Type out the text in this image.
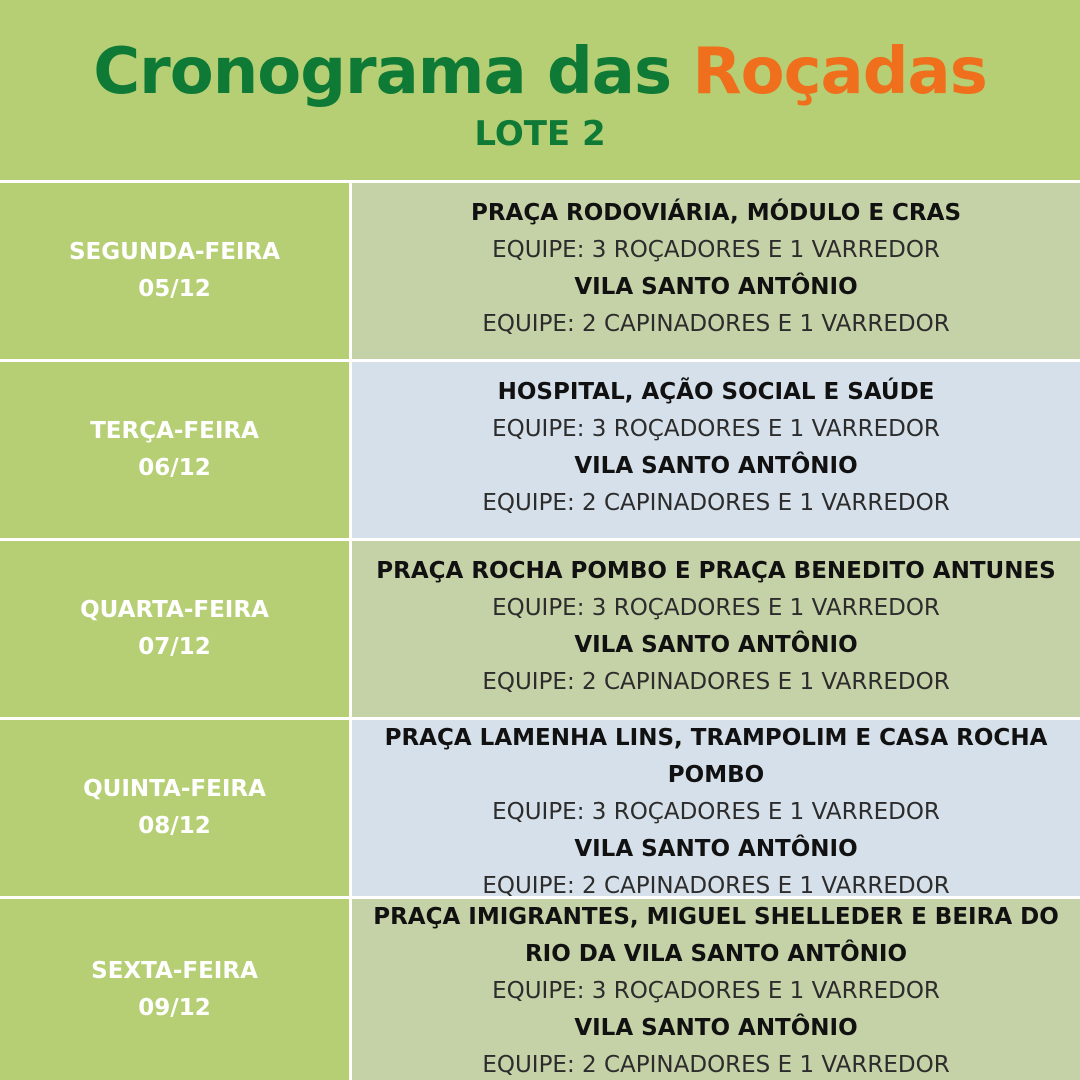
Cronograma das Roçadas
LOTE 2
SEGUNDA-FEIRA
05/12
PRAÇA RODOVIÁRIA, MÓDULO E CRAS
EQUIPE: 3 ROÇADORES E 1 VARREDOR
VILA SANTO ANTÔNIO
EQUIPE: 2 CAPINADORES E 1 VARREDOR
TERÇA-FEIRA
06/12
HOSPITAL, AÇÃO SOCIAL E SAÚDE
EQUIPE: 3 ROÇADORES E 1 VARREDOR
VILA SANTO ANTÔNIO
EQUIPE: 2 CAPINADORES E 1 VARREDOR
QUARTA-FEIRA
07/12
PRAÇA ROCHA POMBO E PRAÇA BENEDITO ANTUNES
EQUIPE: 3 ROÇADORES E 1 VARREDOR
VILA SANTO ANTÔNIO
EQUIPE: 2 CAPINADORES E 1 VARREDOR
QUINTA-FEIRA
08/12
PRAÇA LAMENHA LINS, TRAMPOLIM E CASA ROCHA POMBO
EQUIPE: 3 ROÇADORES E 1 VARREDOR
VILA SANTO ANTÔNIO
EQUIPE: 2 CAPINADORES E 1 VARREDOR
SEXTA-FEIRA
09/12
PRAÇA IMIGRANTES, MIGUEL SHELLEDER E BEIRA DO RIO DA VILA SANTO ANTÔNIO
EQUIPE: 3 ROÇADORES E 1 VARREDOR
VILA SANTO ANTÔNIO
EQUIPE: 2 CAPINADORES E 1 VARREDOR
